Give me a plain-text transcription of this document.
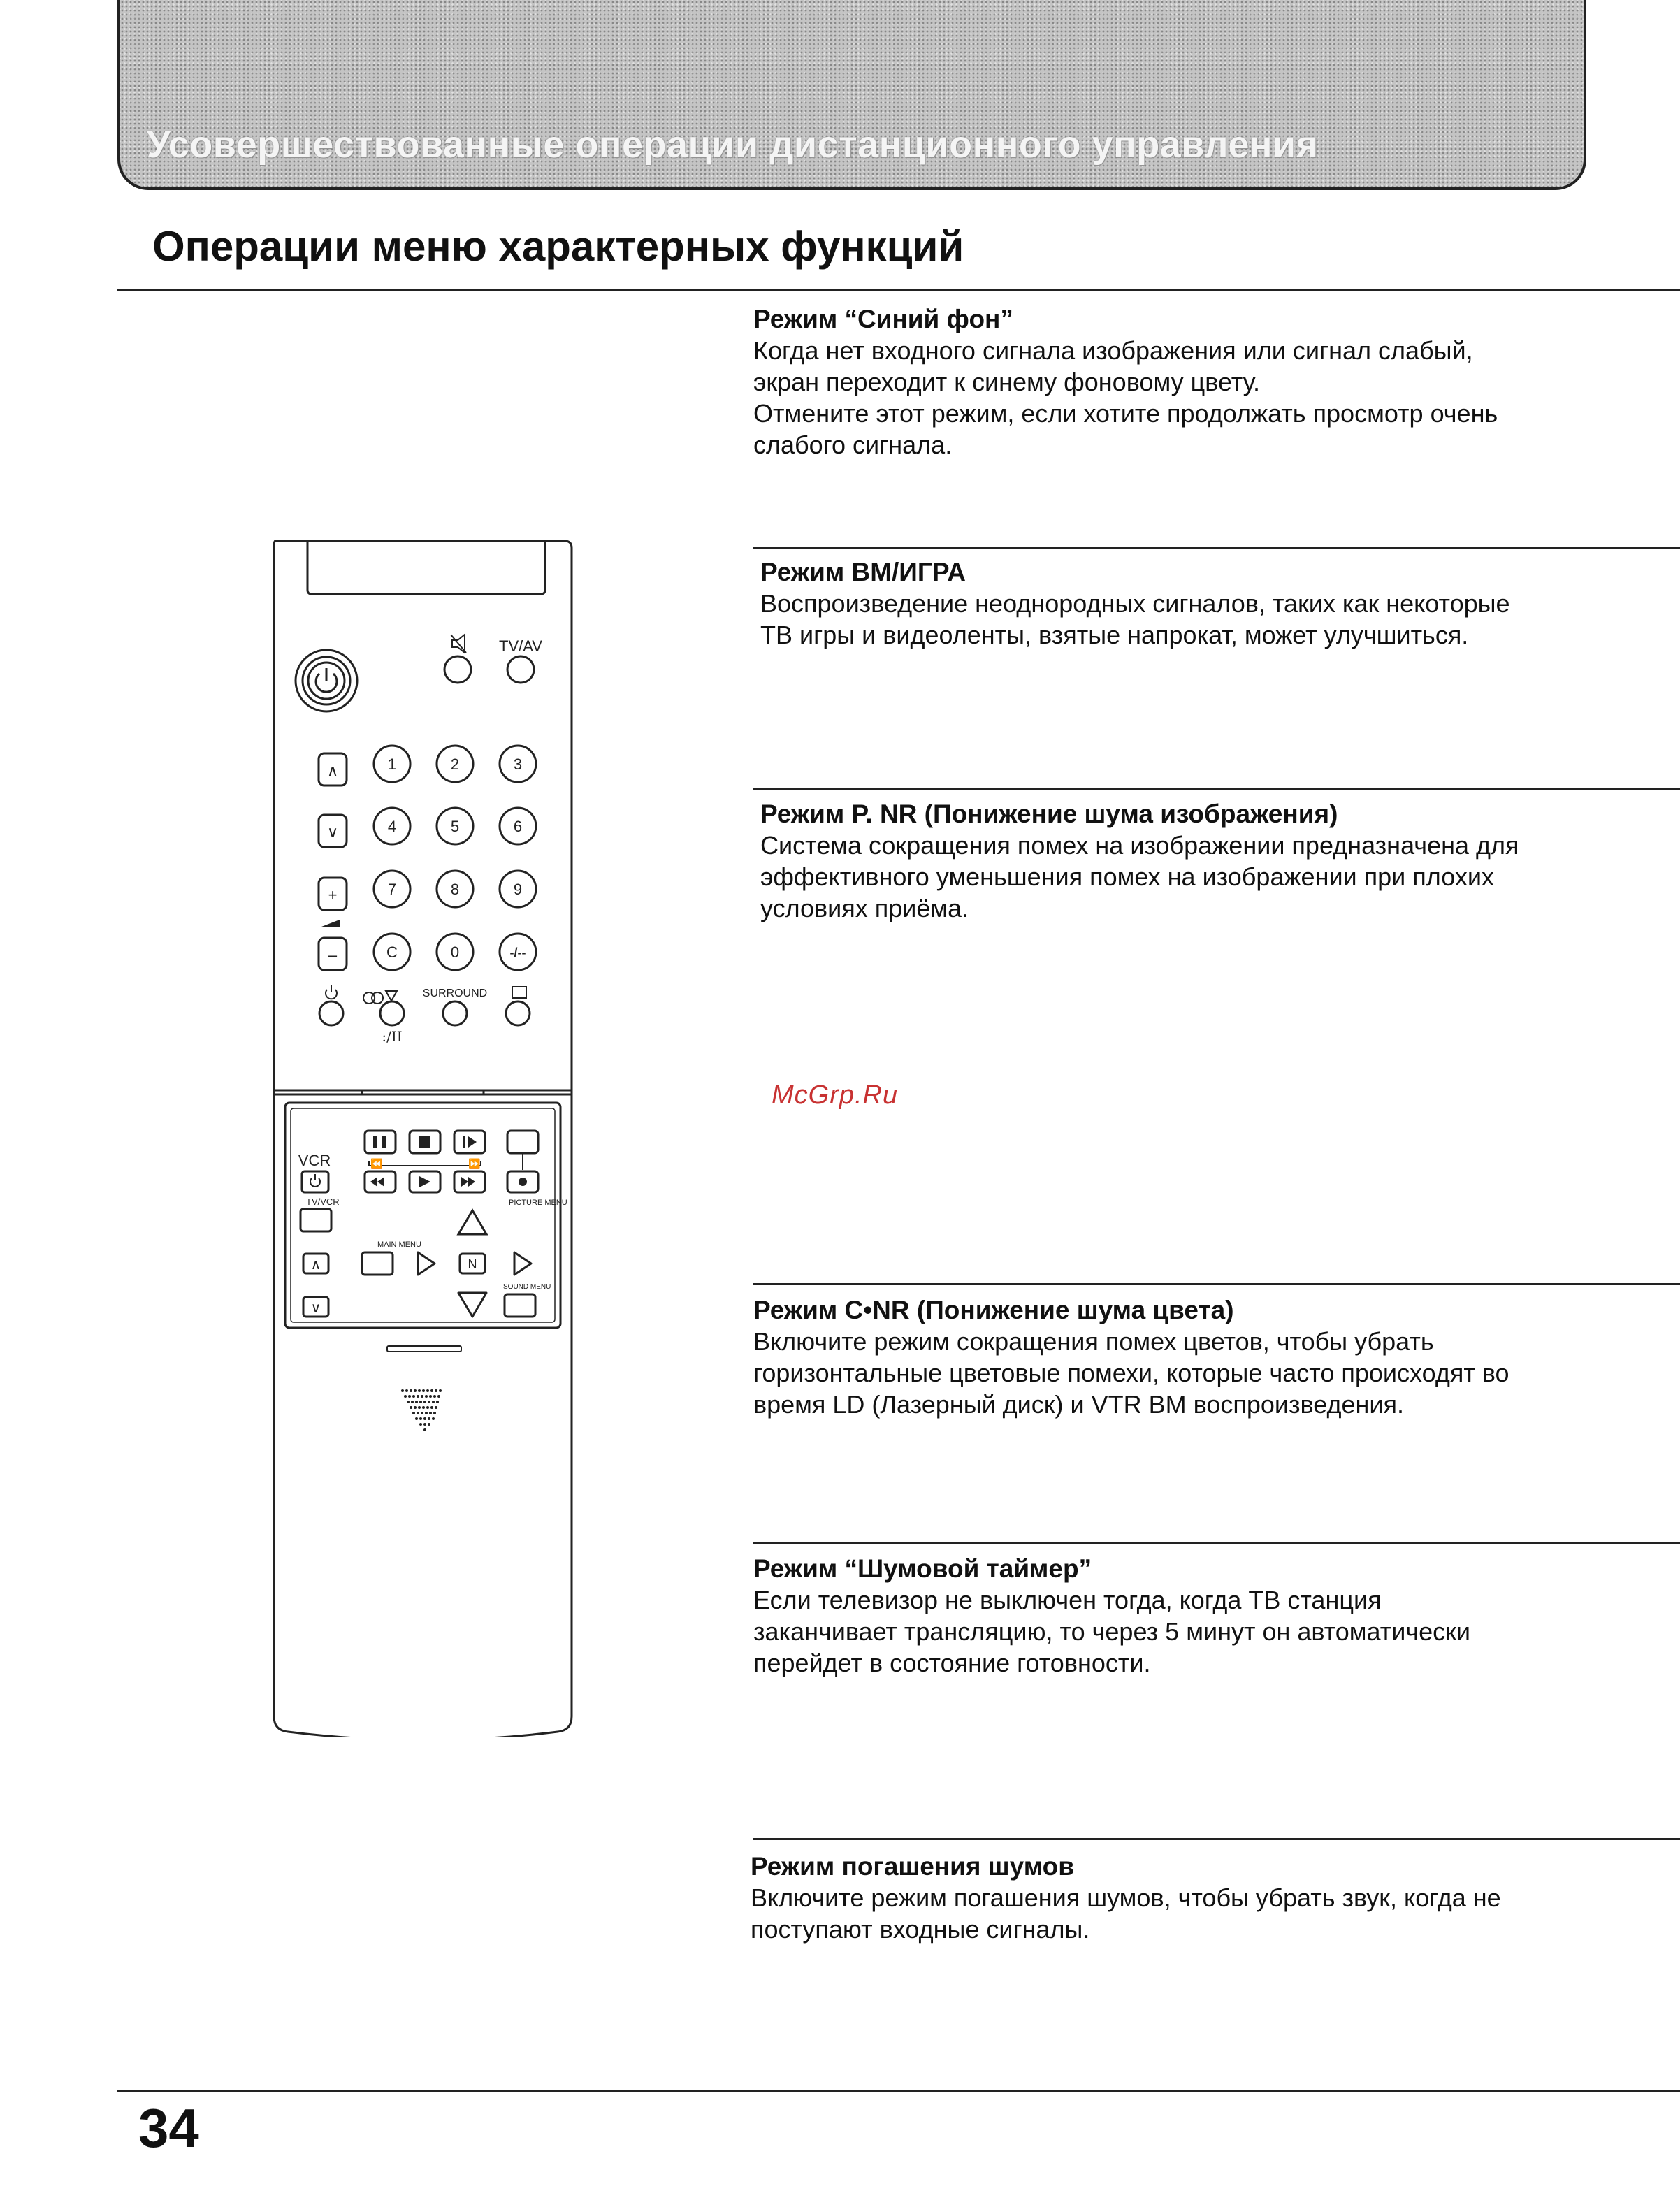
Усовершествованные операции дистанционного управления
Операции меню характерных функций
Режим “Синий фон”

Когда нет входного сигнала изображения или сигнал слабый,
экран переходит к синему фоновому цвету.
Отмените этот режим, если хотите продолжать просмотр очень
слабого сигнала.

Режим ВМ/ИГРА

Воспроизведение неоднородных сигналов, таких как некоторые
ТВ игры и видеоленты, взятые напрокат, может улучшиться.

Режим P. NR (Понижение шума изображения)

Система сокращения помех на изображении предназначена для
эффективного уменьшения помех на изображении при плохих
условиях приёма.

Режим C•NR (Понижение шума цвета)

Включите режим сокращения помех цветов, чтобы убрать
горизонтальные цветовые помехи, которые часто происходят во
время LD (Лазерный диск) и VTR ВМ воспроизведения.

Режим “Шумовой таймер”

Если телевизор не выключен тогда, когда ТВ станция
заканчивает трансляцию, то через 5 минут он автоматически
перейдет в состояние готовности.

Режим погашения шумов

Включите режим погашения шумов, чтобы убрать звук, когда не
поступают входные сигналы.

McGrp.Ru
TV/AV
∧
∨
+
–
1	2	3
4	5	6
7	8	9
C	0	-/--
:/II
SURROUND
⏪	⏩
VCR
TV/VCR	PICTURE MENU
MAIN MENU
∧	N
SOUND MENU
∨
34
